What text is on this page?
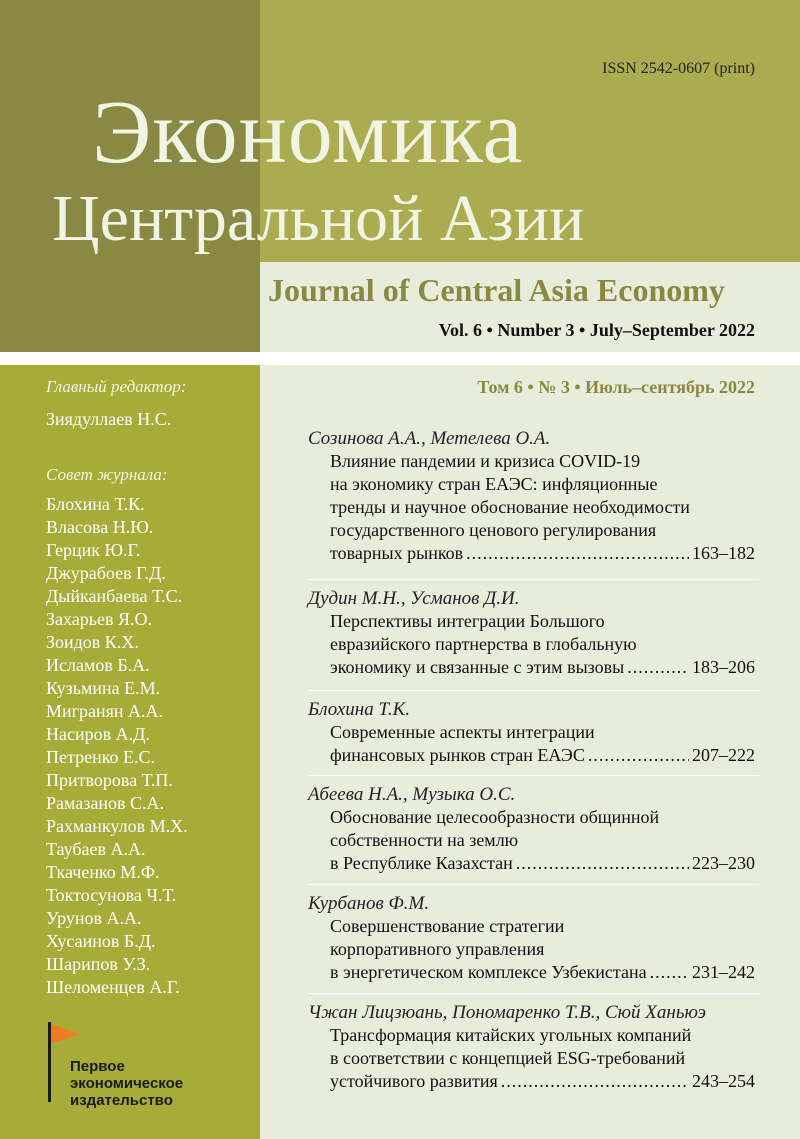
ISSN 2542-0607 (print)
Экономика
Центральной Азии
Journal of Central Asia Economy
Vol. 6 • Number 3 • July–September 2022
Главный редактор:
Зиядуллаев Н.С.
Совет журнала:
Блохина Т.К.
Власова Н.Ю.
Герцик Ю.Г.
Джурабоев Г.Д.
Дыйканбаева Т.С.
Захарьев Я.О.
Зоидов К.Х.
Исламов Б.А.
Кузьмина Е.М.
Мигранян А.А.
Насиров А.Д.
Петренко Е.С.
Притворова Т.П.
Рамазанов С.А.
Рахманкулов М.Х.
Таубаев А.А.
Ткаченко М.Ф.
Токтосунова Ч.Т.
Урунов А.А.
Хусаинов Б.Д.
Шарипов У.З.
Шеломенцев А.Г.
Первое
экономическое
издательство
Том 6 • № 3 • Июль–сентябрь 2022
Созинова А.А., Метелева О.А.
Влияние пандемии и кризиса COVID-19
на экономику стран ЕАЭС: инфляционные
тренды и научное обоснование необходимости
государственного ценового регулирования
товарных рынков .....	163–182
Дудин М.Н., Усманов Д.И.
Перспективы интеграции Большого
евразийского партнерства в глобальную
экономику и связанные с этим вызовы .....	183–206
Блохина Т.К.
Современные аспекты интеграции
финансовых рынков стран ЕАЭС .....	207–222
Абеева Н.А., Музыка О.С.
Обоснование целесообразности общинной
собственности на землю
в Республике Казахстан .....	223–230
Курбанов Ф.М.
Совершенствование стратегии
корпоративного управления
в энергетическом комплексе Узбекистана .....	231–242
Чжан Лицзюань, Пономаренко Т.В., Сюй Ханьюэ
Трансформация китайских угольных компаний
в соответствии с концепцией ESG-требований
устойчивого развития .....	243–254
